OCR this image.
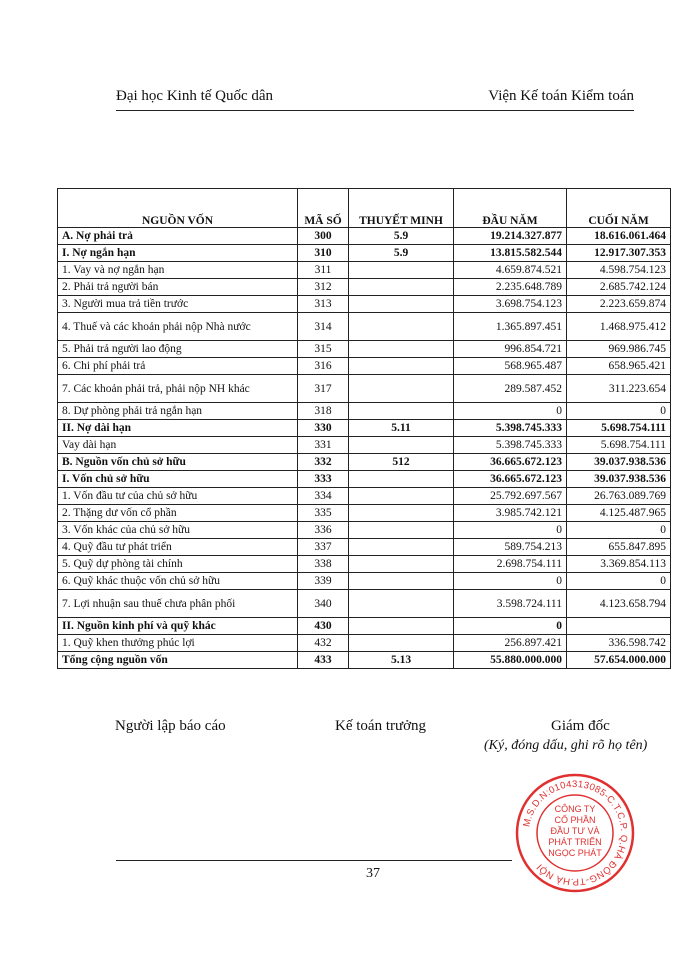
Đại học Kinh tế Quốc dân	Viện Kế toán Kiểm toán
NGUỒN VỐN	MÃ SỐ	THUYẾT MINH	ĐẦU NĂM	CUỐI NĂM
A. Nợ phải trả	300	5.9	19.214.327.877	18.616.061.464
I. Nợ ngắn hạn	310	5.9	13.815.582.544	12.917.307.353
1. Vay và nợ ngắn hạn	311		4.659.874.521	4.598.754.123
2. Phải trả người bán	312		2.235.648.789	2.685.742.124
3. Người mua trả tiền trước	313		3.698.754.123	2.223.659.874
4. Thuế và các khoản phải nộp Nhà nước	314		1.365.897.451	1.468.975.412
5. Phải trả người lao động	315		996.854.721	969.986.745
6. Chi phí phải trả	316		568.965.487	658.965.421
7. Các khoản phải trả, phải nộp NH khác	317		289.587.452	311.223.654
8. Dự phòng phải trả ngắn hạn	318		0	0
II. Nợ dài hạn	330	5.11	5.398.745.333	5.698.754.111
Vay dài hạn	331		5.398.745.333	5.698.754.111
B. Nguồn vốn chủ sở hữu	332	512	36.665.672.123	39.037.938.536
I. Vốn chủ sở hữu	333		36.665.672.123	39.037.938.536
1. Vốn đầu tư của chủ sở hữu	334		25.792.697.567	26.763.089.769
2. Thặng dư vốn cổ phần	335		3.985.742.121	4.125.487.965
3. Vốn khác của chủ sở hữu	336		0	0
4. Quỹ đầu tư phát triển	337		589.754.213	655.847.895
5. Quỹ dự phòng tài chính	338		2.698.754.111	3.369.854.113
6. Quỹ khác thuộc vốn chủ sở hữu	339		0	0
7. Lợi nhuận sau thuế chưa phân phối	340		3.598.724.111	4.123.658.794
II. Nguồn kinh phí và quỹ khác	430		0	
1. Quỹ khen thưởng phúc lợi	432		256.897.421	336.598.742
Tổng cộng nguồn vốn	433	5.13	55.880.000.000	57.654.000.000
Người lập báo cáo	Kế toán trưởng	Giám đốc
(Ký, đóng dấu, ghi rõ họ tên)
M.S.D.N:0104313085-C.T.C.P. Q.HÀ ĐÔNG-TP.HÀ NỘI
CÔNG TY
CỔ PHẦN
ĐẦU TƯ VÀ
PHÁT TRIỂN
NGỌC PHÁT
37
